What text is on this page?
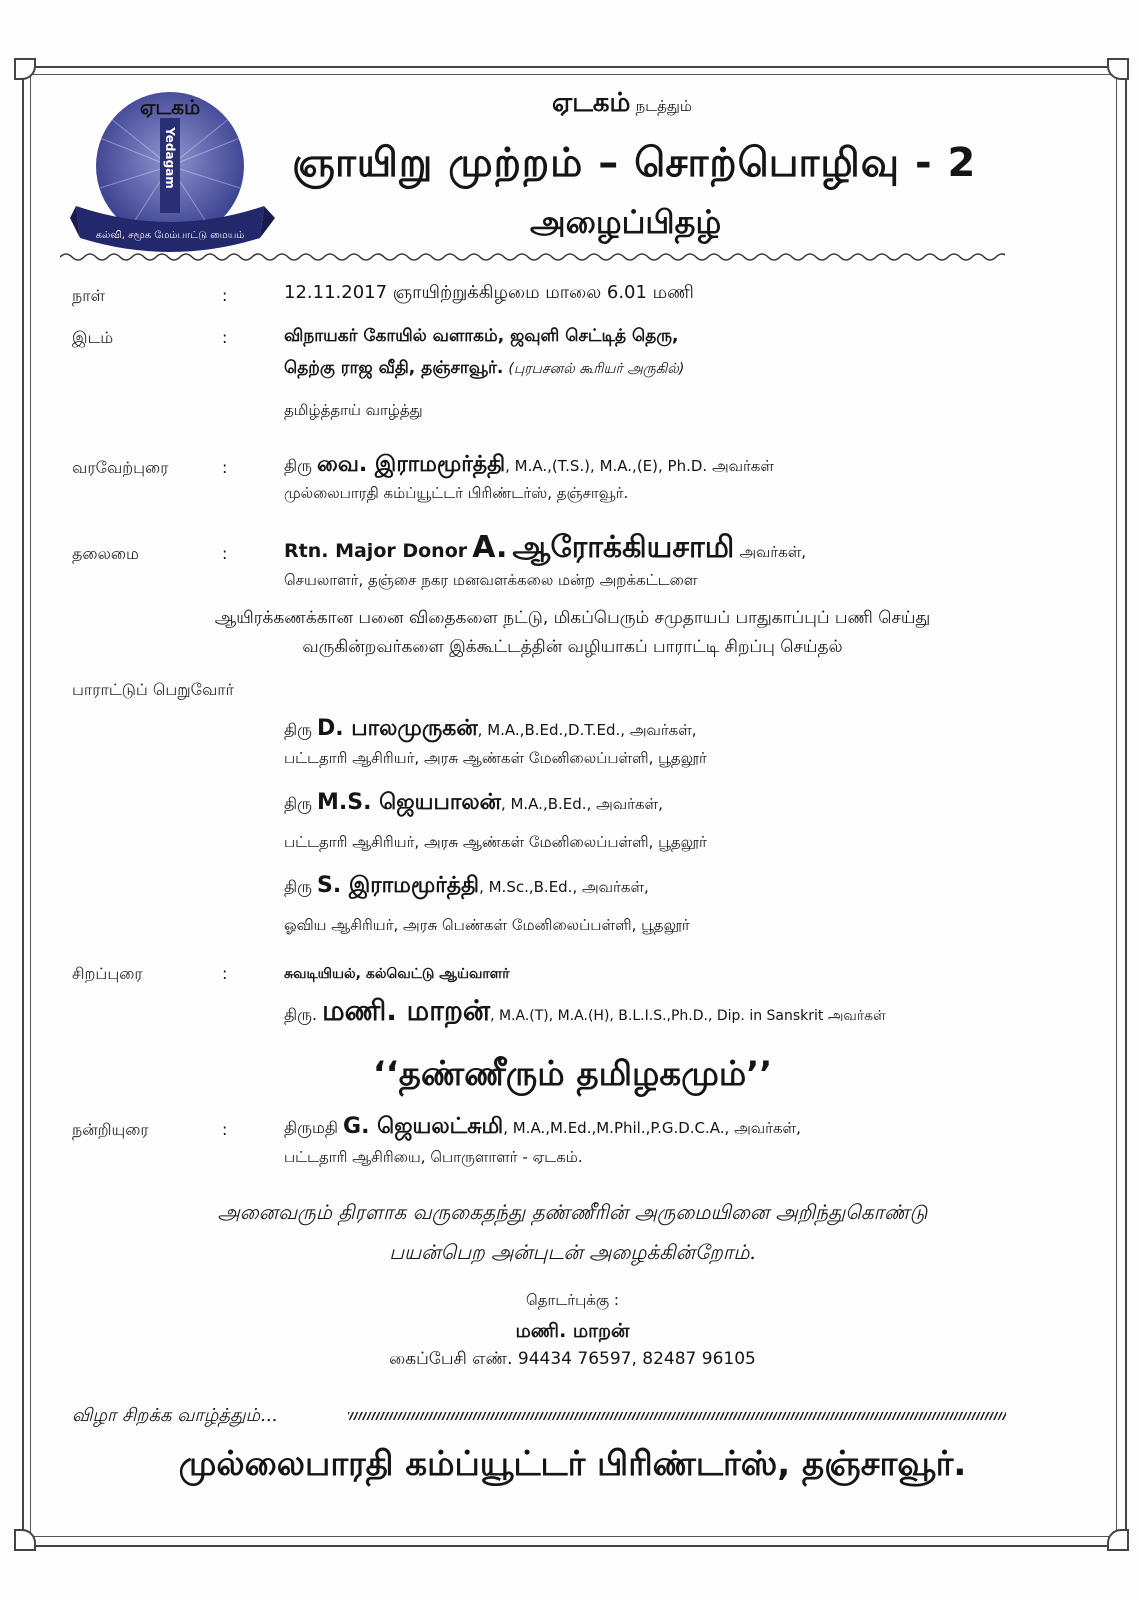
ஏடகம்
Yedagam
கல்வி, சமூக மேம்பாட்டு மையம்
ஏடகம் நடத்தும்
ஞாயிறு முற்றம் – சொற்பொழிவு - 2
அழைப்பிதழ்
நாள்	:	12.11.2017 ஞாயிற்றுக்கிழமை மாலை 6.01 மணி
இடம்	:	விநாயகர் கோயில் வளாகம், ஜவுளி செட்டித் தெரு,
தெற்கு ராஜ வீதி, தஞ்சாவூர். (புரபசனல் கூரியர் அருகில்)
தமிழ்த்தாய் வாழ்த்து
வரவேற்புரை	:	திரு வை. இராமமூர்த்தி, M.A.,(T.S.), M.A.,(E), Ph.D. அவர்கள்
முல்லைபாரதி கம்ப்யூட்டர் பிரிண்டர்ஸ், தஞ்சாவூர்.
தலைமை	:	Rtn. Major Donor A. ஆரோக்கியசாமி அவர்கள்,
செயலாளர், தஞ்சை நகர மனவளக்கலை மன்ற அறக்கட்டளை
ஆயிரக்கணக்கான பனை விதைகளை நட்டு, மிகப்பெரும் சமுதாயப் பாதுகாப்புப் பணி செய்து
வருகின்றவர்களை இக்கூட்டத்தின் வழியாகப் பாராட்டி சிறப்பு செய்தல்
பாராட்டுப் பெறுவோர்
திரு D. பாலமுருகன், M.A.,B.Ed.,D.T.Ed., அவர்கள்,
பட்டதாரி ஆசிரியர், அரசு ஆண்கள் மேனிலைப்பள்ளி, பூதலூர்
திரு M.S. ஜெயபாலன், M.A.,B.Ed., அவர்கள்,
பட்டதாரி ஆசிரியர், அரசு ஆண்கள் மேனிலைப்பள்ளி, பூதலூர்
திரு S. இராமமூர்த்தி, M.Sc.,B.Ed., அவர்கள்,
ஓவிய ஆசிரியர், அரசு பெண்கள் மேனிலைப்பள்ளி, பூதலூர்
சிறப்புரை	:	சுவடியியல், கல்வெட்டு ஆய்வாளர்
திரு. மணி. மாறன், M.A.(T), M.A.(H), B.L.I.S.,Ph.D., Dip. in Sanskrit அவர்கள்
‘‘தண்ணீரும் தமிழகமும்’’
நன்றியுரை	:	திருமதி G. ஜெயலட்சுமி, M.A.,M.Ed.,M.Phil.,P.G.D.C.A., அவர்கள்,
பட்டதாரி ஆசிரியை, பொருளாளர் - ஏடகம்.
அனைவரும் திரளாக வருகைதந்து தண்ணீரின் அருமையினை அறிந்துகொண்டு
பயன்பெற அன்புடன் அழைக்கின்றோம்.
தொடர்புக்கு :
மணி. மாறன்
கைப்பேசி எண். 94434 76597, 82487 96105
விழா சிறக்க வாழ்த்தும்...
முல்லைபாரதி கம்ப்யூட்டர் பிரிண்டர்ஸ், தஞ்சாவூர்.
